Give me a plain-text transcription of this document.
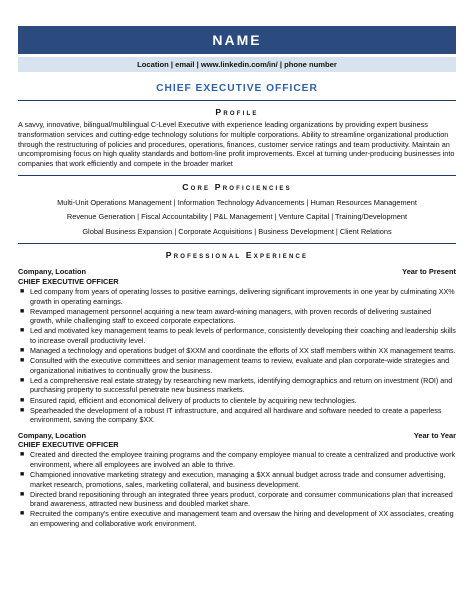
NAME
Location | email | www.linkedin.com/in/ | phone number
CHIEF EXECUTIVE OFFICER
Profile
A savvy, innovative, bilingual/multilingual C-Level Executive with experience leading organizations by providing expert business transformation services and cutting-edge technology solutions for multiple corporations. Ability to streamline organizational production through the restructuring of policies and procedures, operations, finances, customer service ratings and team productivity. Maintain an uncompromising focus on high quality standards and bottom-line profit improvements. Excel at turning under-producing businesses into companies that work efficiently and compete in the broader market
Core Proficiencies
Multi-Unit Operations Management | Information Technology Advancements | Human Resources Management
Revenue Generation | Fiscal Accountability | P&L Management | Venture Capital | Training/Development
Global Business Expansion | Corporate Acquisitions | Business Development | Client Relations
Professional Experience
Company, Location	Year to Present
CHIEF EXECUTIVE OFFICER
■ Led company from years of operating losses to positive earnings, delivering significant improvements in one year by culminating XX% growth in operating earnings.
■ Revamped management personnel acquiring a new team award-wining managers, with proven records of delivering sustained growth, while challenging staff to exceed corporate expectations.
■ Led and motivated key management teams to peak levels of performance, consistently developing their coaching and leadership skills to increase overall productivity level.
■ Managed a technology and operations budget of $XXM and coordinate the efforts of XX staff members within XX management teams.
■ Consulted with the executive committees and senior management teams to review, evaluate and plan corporate-wide strategies and organizational initiatives to continually grow the business.
■ Led a comprehensive real estate strategy by researching new markets, identifying demographics and return on investment (ROI) and purchasing property to successful penetrate new business markets.
■ Ensured rapid, efficient and economical delivery of products to clientele by acquiring new technologies.
■ Spearheaded the development of a robust IT infrastructure, and acquired all hardware and software needed to create a paperless environment, saving the company $XX.
Company, Location	Year to Year
CHIEF EXECUTIVE OFFICER
■ Created and directed the employee training programs and the company employee manual to create a centralized and productive work environment, where all employees are involved an able to thrive.
■ Championed innovative marketing strategy and execution, managing a $XX annual budget across trade and consumer advertising, market research, promotions, sales, marketing collateral, and business development.
■ Directed brand repositioning through an integrated three years product, corporate and consumer communications plan that increased brand awareness, attracted new business and doubled market share.
■ Recruited the company's entire executive and management team and oversaw the hiring and development of XX associates, creating an empowering and collaborative work environment.
